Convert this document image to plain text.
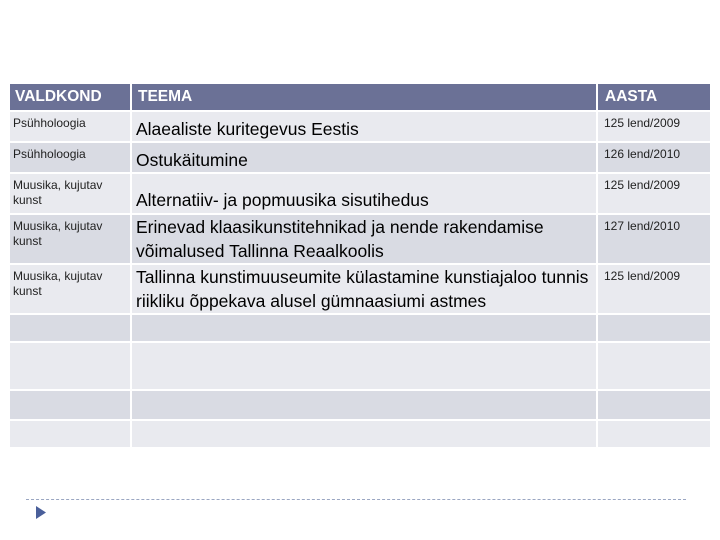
VALDKOND	TEEMA	AASTA

Psühholoogia	Alaealiste kuritegevus Eestis	125 lend/2009

Psühholoogia	Ostukäitumine	126 lend/2010

Muusika, kujutav kunst	Alternatiiv- ja popmuusika sisutihedus	125 lend/2009

Muusika, kujutav kunst	Erinevad klaasikunstitehnikad ja nende rakendamise võimalused Tallinna Reaalkoolis	127 lend/2010

Muusika, kujutav kunst	Tallinna kunstimuuseumite külastamine kunstiajaloo tunnis riikliku õppekava alusel gümnaasiumi astmes	125 lend/2009
